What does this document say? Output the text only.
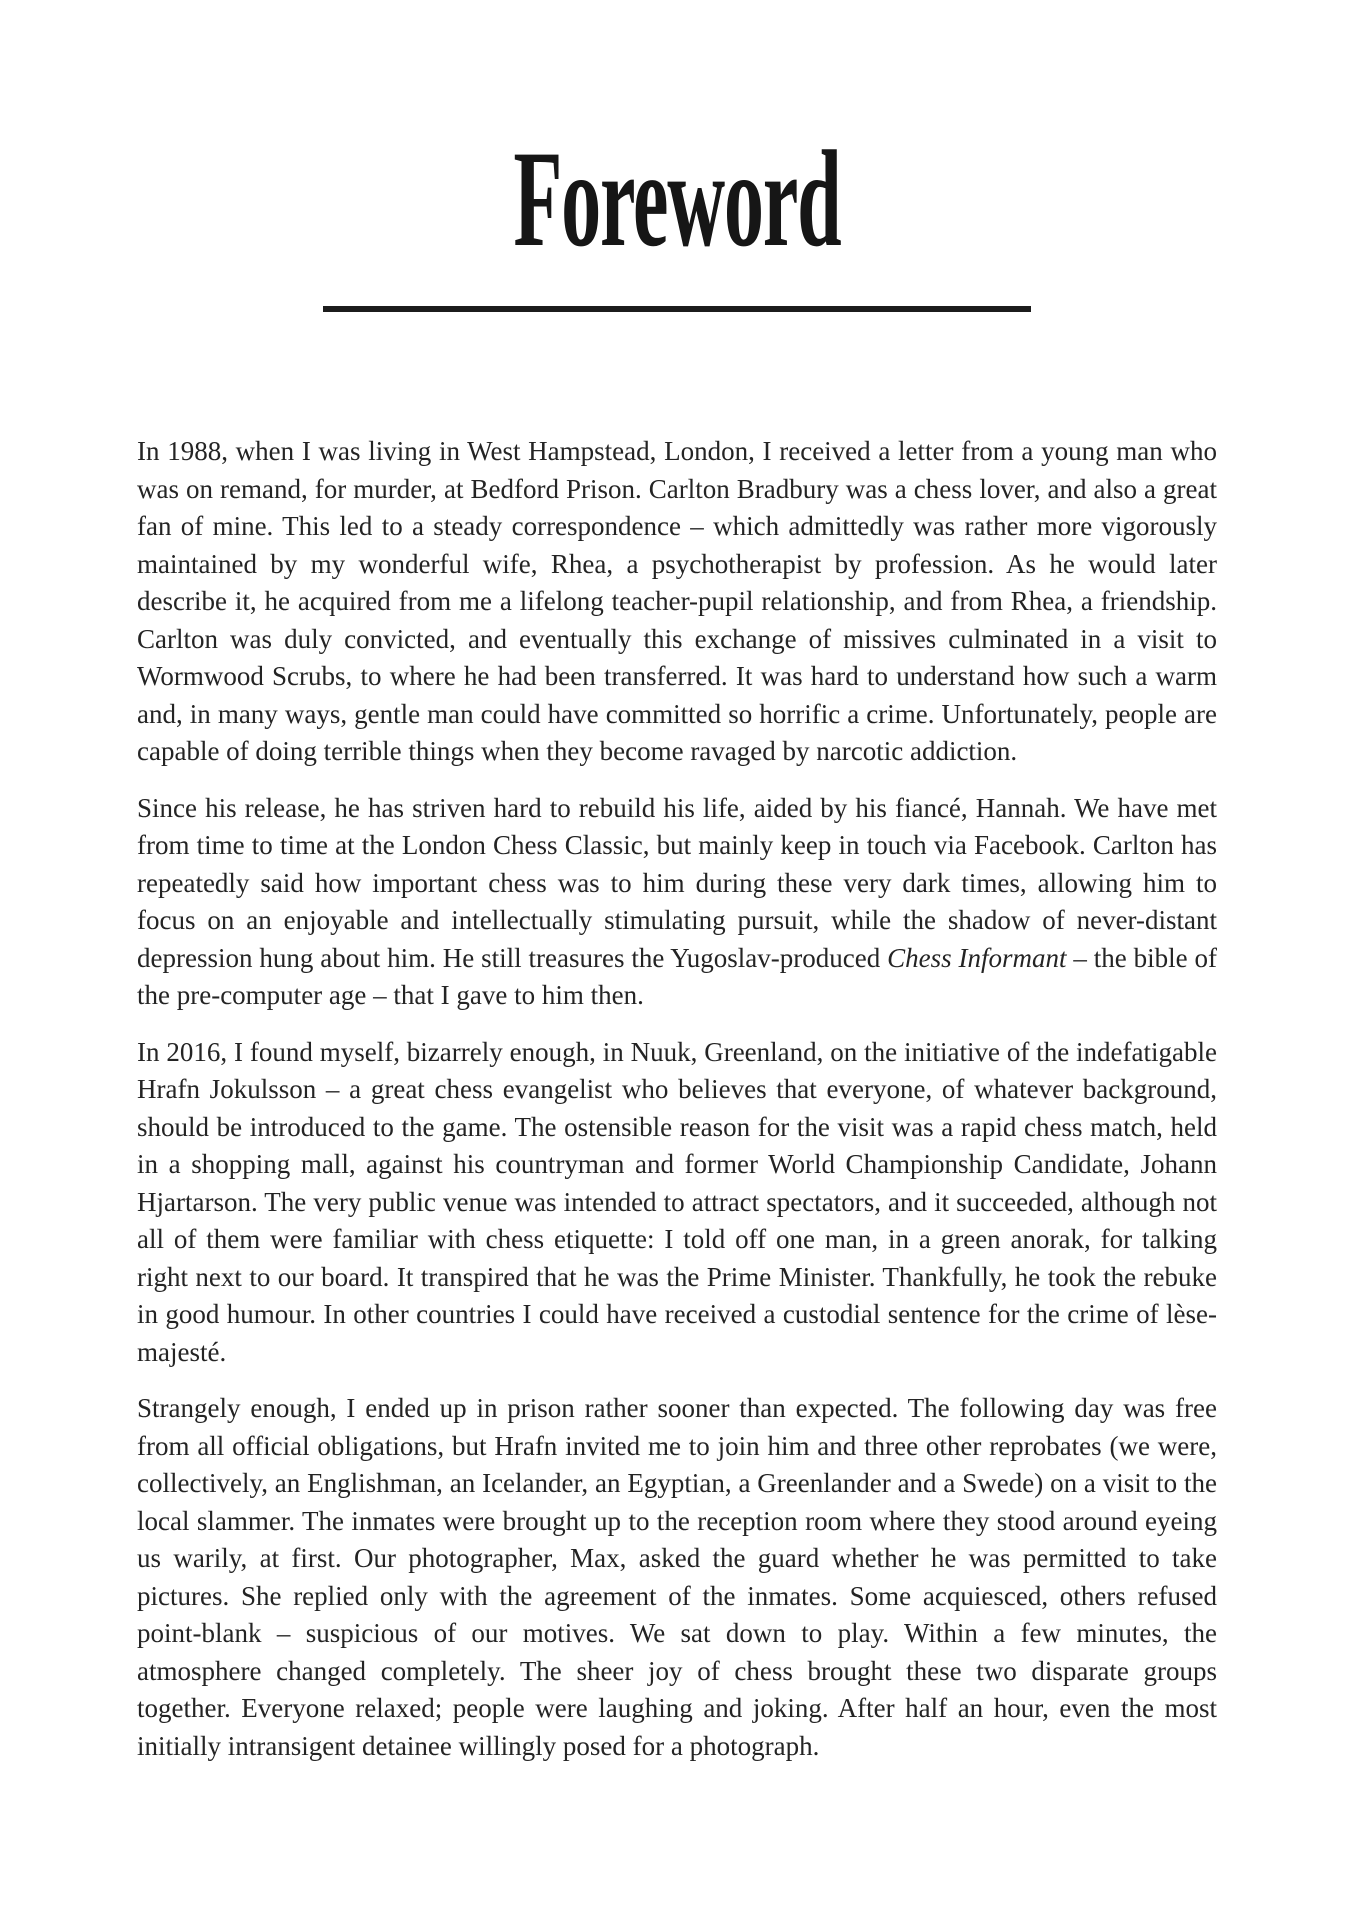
Foreword

In 1988, when I was living in West Hampstead, London, I received a letter from a young man who was on remand, for murder, at Bedford Prison. Carlton Bradbury was a chess lover, and also a great fan of mine. This led to a steady correspondence – which admittedly was rather more vigorously maintained by my wonderful wife, Rhea, a psychotherapist by profession. As he would later describe it, he acquired from me a lifelong teacher-pupil relationship, and from Rhea, a friendship. Carlton was duly convicted, and eventually this exchange of missives culminated in a visit to Wormwood Scrubs, to where he had been transferred. It was hard to understand how such a warm and, in many ways, gentle man could have committed so horrific a crime. Unfortunately, people are capable of doing terrible things when they become ravaged by narcotic addiction.

Since his release, he has striven hard to rebuild his life, aided by his fiancé, Hannah. We have met from time to time at the London Chess Classic, but mainly keep in touch via Facebook. Carlton has repeatedly said how important chess was to him during these very dark times, allowing him to focus on an enjoyable and intellectually stimulating pursuit, while the shadow of never-distant depression hung about him. He still treasures the Yugoslav-produced Chess Informant – the bible of the pre-computer age – that I gave to him then.

In 2016, I found myself, bizarrely enough, in Nuuk, Greenland, on the initiative of the indefatigable Hrafn Jokulsson – a great chess evangelist who believes that everyone, of whatever background, should be introduced to the game. The ostensible reason for the visit was a rapid chess match, held in a shopping mall, against his countryman and former World Championship Candidate, Johann Hjartarson. The very public venue was intended to attract spectators, and it succeeded, although not all of them were familiar with chess etiquette: I told off one man, in a green anorak, for talking right next to our board. It transpired that he was the Prime Minister. Thankfully, he took the rebuke in good humour. In other countries I could have received a custodial sentence for the crime of lèse-majesté.

Strangely enough, I ended up in prison rather sooner than expected. The following day was free from all official obligations, but Hrafn invited me to join him and three other reprobates (we were, collectively, an Englishman, an Icelander, an Egyptian, a Greenlander and a Swede) on a visit to the local slammer. The inmates were brought up to the reception room where they stood around eyeing us warily, at first. Our photographer, Max, asked the guard whether he was permitted to take pictures. She replied only with the agreement of the inmates. Some acquiesced, others refused point-blank – suspicious of our motives. We sat down to play. Within a few minutes, the atmosphere changed completely. The sheer joy of chess brought these two disparate groups together. Everyone relaxed; people were laughing and joking. After half an hour, even the most initially intransigent detainee willingly posed for a photograph.
